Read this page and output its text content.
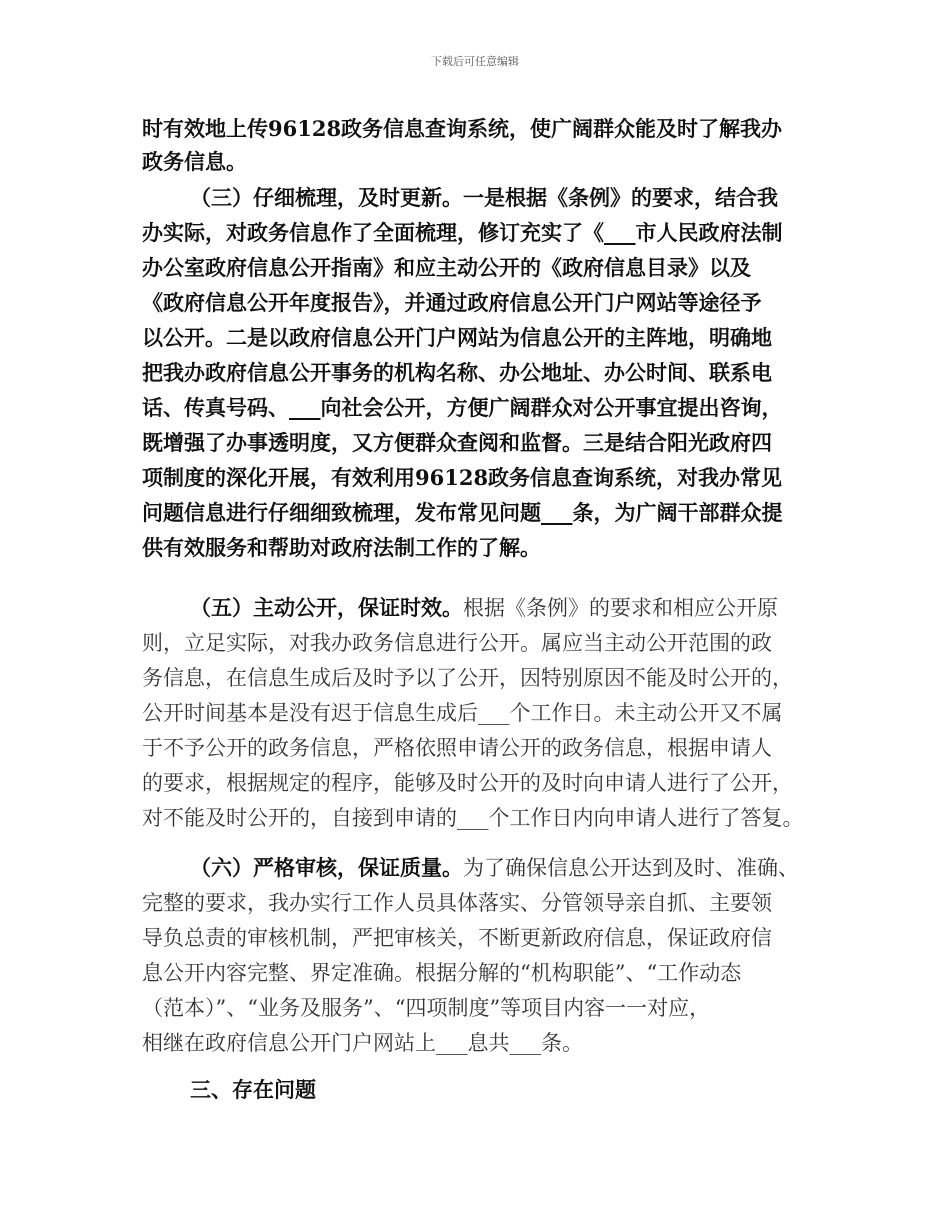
下载后可任意编辑
时有效地上传96128政务信息查询系统，使广阔群众能及时了解我办
政务信息。
（三）仔细梳理，及时更新。一是根据《条例》的要求，结合我
办实际，对政务信息作了全面梳理，修订充实了《___市人民政府法制
办公室政府信息公开指南》和应主动公开的《政府信息目录》以及
《政府信息公开年度报告》，并通过政府信息公开门户网站等途径予
以公开。二是以政府信息公开门户网站为信息公开的主阵地，明确地
把我办政府信息公开事务的机构名称、办公地址、办公时间、联系电
话、传真号码、___向社会公开，方便广阔群众对公开事宜提出咨询，
既增强了办事透明度，又方便群众查阅和监督。三是结合阳光政府四
项制度的深化开展，有效利用96128政务信息查询系统，对我办常见
问题信息进行仔细细致梳理，发布常见问题___条，为广阔干部群众提
供有效服务和帮助对政府法制工作的了解。
（五）主动公开，保证时效。根据《条例》的要求和相应公开原
则，立足实际，对我办政务信息进行公开。属应当主动公开范围的政
务信息，在信息生成后及时予以了公开，因特别原因不能及时公开的，
公开时间基本是没有迟于信息生成后___个工作日。未主动公开又不属
于不予公开的政务信息，严格依照申请公开的政务信息，根据申请人
的要求，根据规定的程序，能够及时公开的及时向申请人进行了公开，
对不能及时公开的，自接到申请的___个工作日内向申请人进行了答复。
（六）严格审核，保证质量。为了确保信息公开达到及时、准确、
完整的要求，我办实行工作人员具体落实、分管领导亲自抓、主要领
导负总责的审核机制，严把审核关，不断更新政府信息，保证政府信
息公开内容完整、界定准确。根据分解的“机构职能”、“工作动态
（范本）”、“业务及服务”、“四项制度”等项目内容一一对应，
相继在政府信息公开门户网站上___息共___条。
三、存在问题
